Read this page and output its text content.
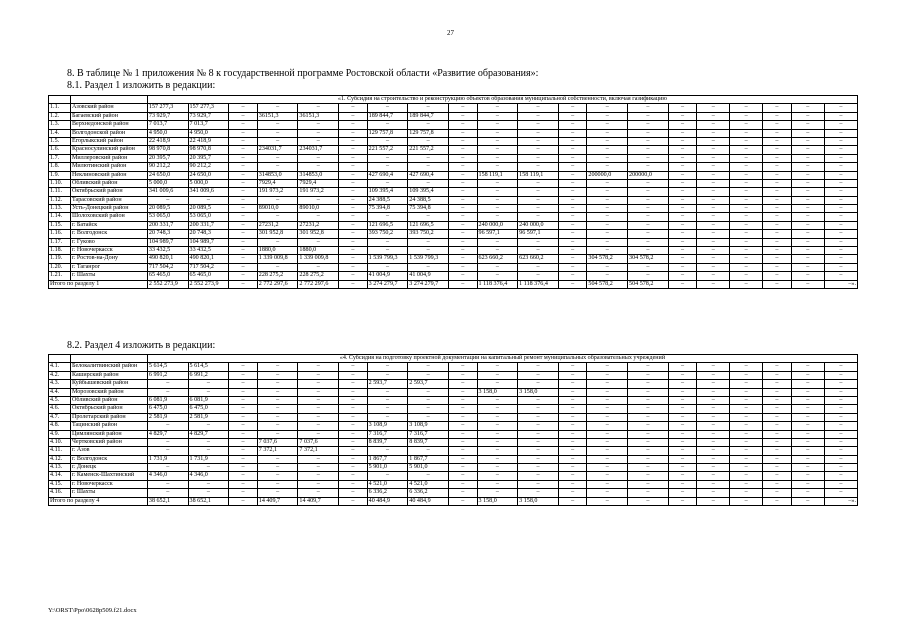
27
8. В таблице № 1 приложения № 8 к государственной программе Ростовской области «Развитие образования»:
8.1. Раздел 1 изложить в редакции:
		«1. Субсидия на строительство и реконструкцию объектов образования муниципальной собственности, включая газификацию																			
1.1.	Азовский район	157 277,3	157 277,3	–	–	–	–	–	–	–	–	–	–	–	–	–	–	–	–	–	–
1.2.	Багаевский район	73 929,7	73 929,7	–	36151,3	36151,3	–	189 844,7	189 844,7	–	–	–	–	–	–	–	–	–	–	–	–
1.3.	Верхнедонской район	7 013,7	7 013,7	–	–	–	–	–	–	–	–	–	–	–	–	–	–	–	–	–	–
1.4.	Волгодонской район	4 950,0	4 950,0	–	–	–	–	129 757,8	129 757,8	–	–	–	–	–	–	–	–	–	–	–	–
1.5.	Егорлыкский район	22 418,9	22 418,9	–	–	–	–	–	–	–	–	–	–	–	–	–	–	–	–	–	–
1.6.	Красносулинский район	98 970,8	98 970,8	–	234031,7	234031,7	–	221 557,2	221 557,2	–	–	–	–	–	–	–	–	–	–	–	–
1.7.	Миллеровский район	20 395,7	20 395,7	–	–	–	–	–	–	–	–	–	–	–	–	–	–	–	–	–	–
1.8.	Милютинский район	90 212,2	90 212,2	–	–	–	–	–	–	–	–	–	–	–	–	–	–	–	–	–	–
1.9.	Неклиновский район	24 650,0	24 650,0	–	314853,0	314853,0	–	427 690,4	427 690,4	–	158 119,1	158 119,1	–	200000,0	200000,0	–	–	–	–	–	–
1.10.	Обливский район	5 000,0	5 000,0	–	7929,4	7929,4	–	–	–	–	–	–	–	–	–	–	–	–	–	–	–
1.11.	Октябрьский район	341 009,6	341 009,6	–	191 973,2	191 973,2	–	109 395,4	109 395,4	–	–	–	–	–	–	–	–	–	–	–	–
1.12.	Тарасовский район	–	–	–	–	–	–	24 388,5	24 388,5	–	–	–	–	–	–	–	–	–	–	–	–
1.13.	Усть-Донецкий район	20 089,5	20 089,5	–	89010,0	89010,0	–	75 394,8	75 394,8	–	–	–	–	–	–	–	–	–	–	–	–
1.14.	Шолоховский район	53 065,0	53 065,0	–	–	–	–	–	–	–	–	–	–	–	–	–	–	–	–	–	–
1.15.	г. Батайск	200 331,7	200 331,7	–	27231,2	27231,2	–	121 696,5	121 696,5	–	240 000,0	240 000,0	–	–	–	–	–	–	–	–	–
1.16.	г. Волгодонск	20 748,3	20 748,3	–	301 952,8	301 952,8	–	393 750,2	393 750,2	–	96 597,1	96 597,1	–	–	–	–	–	–	–	–	–
1.17.	г. Гуково	104 989,7	104 989,7	–	–	–	–	–	–	–	–	–	–	–	–	–	–	–	–	–	–
1.18.	г. Новочеркасск	33 432,5	33 432,5	–	1880,0	1880,0	–	–	–	–	–	–	–	–	–	–	–	–	–	–	–
1.19.	г. Ростов-на-Дону	490 820,1	490 820,1	–	1 339 009,8	1 339 009,8	–	1 539 799,3	1 539 799,3	–	623 660,2	623 660,2	–	304 578,2	304 578,2	–	–	–	–	–	–
1.20.	г. Таганрог	717 504,2	717 504,2	–	–	–	–	–	–	–	–	–	–	–	–	–	–	–	–	–	–
1.21.	г. Шахты	65 465,0	65 465,0	–	228 275,2	228 275,2	–	41 004,9	41 004,9	–	–	–	–	–	–	–	–	–	–	–	–
Итого по разделу 1		2 552 273,9	2 552 273,9	–	2 772 297,6	2 772 297,6	–	3 274 279,7	3 274 279,7	–	1 118 376,4	1 118 376,4	–	504 578,2	504 578,2	–	–	–	–	–	–».
8.2. Раздел 4 изложить в редакции:
		«4. Субсидия на подготовку проектной документации на капитальный ремонт муниципальных образовательных учреждений																			
4.1.	Белокалитвинский район	5 614,5	5 614,5	–	–	–	–	–	–	–	–	–	–	–	–	–	–	–	–	–	–
4.2.	Каширский район	6 991,2	6 991,2	–	–	–	–	–	–	–	–	–	–	–	–	–	–	–	–	–	–
4.3.	Куйбышевский район	–	–	–	–	–	–	2 593,7	2 593,7	–	–	–	–	–	–	–	–	–	–	–	–
4.4.	Морозовский район	–	–	–	–	–	–	–	–	–	3 158,0	3 158,0	–	–	–	–	–	–	–	–	–
4.5.	Обливский район	6 081,9	6 081,9	–	–	–	–	–	–	–	–	–	–	–	–	–	–	–	–	–	–
4.6.	Октябрьский район	6 475,0	6 475,0	–	–	–	–	–	–	–	–	–	–	–	–	–	–	–	–	–	–
4.7.	Пролетарский район	2 581,9	2 581,9	–	–	–	–	–	–	–	–	–	–	–	–	–	–	–	–	–	–
4.8.	Тацинский район	–	–	–	–	–	–	3 108,9	3 108,9	–	–	–	–	–	–	–	–	–	–	–	–
4.9.	Цимлянский район	4 829,7	4 829,7	–	–	–	–	7 316,7	7 316,7	–	–	–	–	–	–	–	–	–	–	–	–
4.10.	Чертковский район	–	–	–	7 037,6	7 037,6	–	8 839,7	8 839,7	–	–	–	–	–	–	–	–	–	–	–	–
4.11.	г. Азов	–	–	–	7 372,1	7 372,1	–	–	–	–	–	–	–	–	–	–	–	–	–	–	–
4.12.	г. Волгодонск	1 731,9	1 731,9	–	–	–	–	1 867,7	1 867,7	–	–	–	–	–	–	–	–	–	–	–	–
4.13.	г. Донецк	–	–	–	–	–	–	5 901,0	5 901,0	–	–	–	–	–	–	–	–	–	–	–	–
4.14.	г. Каменск-Шахтинский	4 346,0	4 346,0	–	–	–	–	–	–	–	–	–	–	–	–	–	–	–	–	–	–
4.15.	г. Новочеркасск	–	–	–	–	–	–	4 521,0	4 521,0	–	–	–	–	–	–	–	–	–	–	–	–
4.16.	г. Шахты	–	–	–	–	–	–	6 336,2	6 336,2	–	–	–	–	–	–	–	–	–	–	–	–
Итого по разделу 4		38 652,1	38 652,1	–	14 409,7	14 409,7	–	40 484,9	40 484,9	–	3 158,0	3 158,0	–	–	–	–	–	–	–	–	–».
Y:\ORST\Ppo\0628p509.f21.docx
